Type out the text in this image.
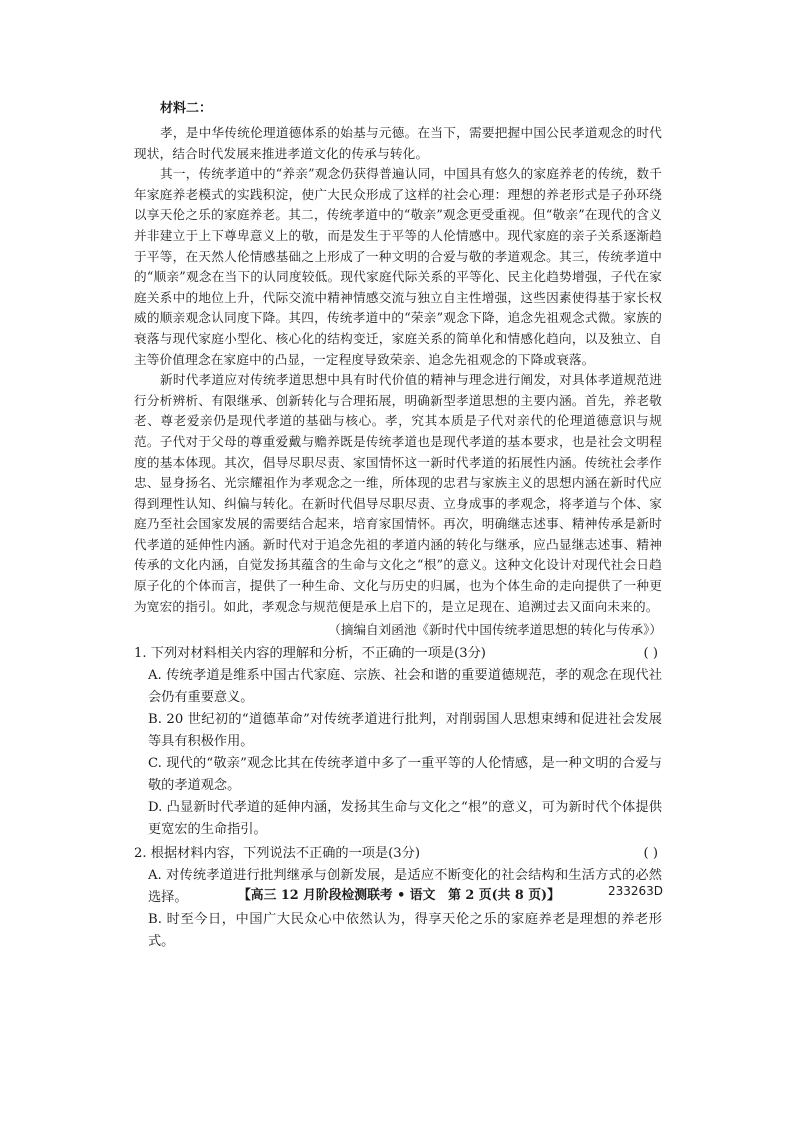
材料二：

孝，是中华传统伦理道德体系的始基与元德。在当下，需要把握中国公民孝道观念的时代现状，结合时代发展来推进孝道文化的传承与转化。

其一，传统孝道中的“养亲”观念仍获得普遍认同，中国具有悠久的家庭养老的传统，数千年家庭养老模式的实践积淀，使广大民众形成了这样的社会心理：理想的养老形式是子孙环绕以享天伦之乐的家庭养老。其二，传统孝道中的“敬亲”观念更受重视。但“敬亲”在现代的含义并非建立于上下尊卑意义上的敬，而是发生于平等的人伦情感中。现代家庭的亲子关系逐渐趋于平等，在天然人伦情感基础之上形成了一种文明的合爱与敬的孝道观念。其三，传统孝道中的“顺亲”观念在当下的认同度较低。现代家庭代际关系的平等化、民主化趋势增强，子代在家庭关系中的地位上升，代际交流中精神情感交流与独立自主性增强，这些因素使得基于家长权威的顺亲观念认同度下降。其四，传统孝道中的“荣亲”观念下降，追念先祖观念式微。家族的衰落与现代家庭小型化、核心化的结构变迁，家庭关系的简单化和情感化趋向，以及独立、自主等价值理念在家庭中的凸显，一定程度导致荣亲、追念先祖观念的下降或衰落。

新时代孝道应对传统孝道思想中具有时代价值的精神与理念进行阐发，对具体孝道规范进行分析辨析、有限继承、创新转化与合理拓展，明确新型孝道思想的主要内涵。首先，养老敬老、尊老爱亲仍是现代孝道的基础与核心。孝，究其本质是子代对亲代的伦理道德意识与规范。子代对于父母的尊重爱戴与赡养既是传统孝道也是现代孝道的基本要求，也是社会文明程度的基本体现。其次，倡导尽职尽责、家国情怀这一新时代孝道的拓展性内涵。传统社会孝作忠、显身扬名、光宗耀祖作为孝观念之一维，所体现的忠君与家族主义的思想内涵在新时代应得到理性认知、纠偏与转化。在新时代倡导尽职尽责、立身成事的孝观念，将孝道与个体、家庭乃至社会国家发展的需要结合起来，培育家国情怀。再次，明确继志述事、精神传承是新时代孝道的延伸性内涵。新时代对于追念先祖的孝道内涵的转化与继承，应凸显继志述事、精神传承的文化内涵，自觉发扬其蕴含的生命与文化之“根”的意义。这种文化设计对现代社会日趋原子化的个体而言，提供了一种生命、文化与历史的归属，也为个体生命的走向提供了一种更为宽宏的指引。如此，孝观念与规范便是承上启下的，是立足现在、追溯过去又面向未来的。

（摘编自刘函池《新时代中国传统孝道思想的转化与传承》）

1. 下列对材料相关内容的理解和分析，不正确的一项是(3分)	( )

A. 传统孝道是维系中国古代家庭、宗族、社会和谐的重要道德规范，孝的观念在现代社会仍有重要意义。

B. 20 世纪初的“道德革命”对传统孝道进行批判，对削弱国人思想束缚和促进社会发展等具有积极作用。

C. 现代的“敬亲”观念比其在传统孝道中多了一重平等的人伦情感，是一种文明的合爱与敬的孝道观念。

D. 凸显新时代孝道的延伸内涵，发扬其生命与文化之“根”的意义，可为新时代个体提供更宽宏的生命指引。

2. 根据材料内容，下列说法不正确的一项是(3分)	( )

A. 对传统孝道进行批判继承与创新发展，是适应不断变化的社会结构和生活方式的必然选择。

B. 时至今日，中国广大民众心中依然认为，得享天伦之乐的家庭养老是理想的养老形式。

【高三 12 月阶段检测联考 • 语文　第 2 页(共 8 页)】	233263D
